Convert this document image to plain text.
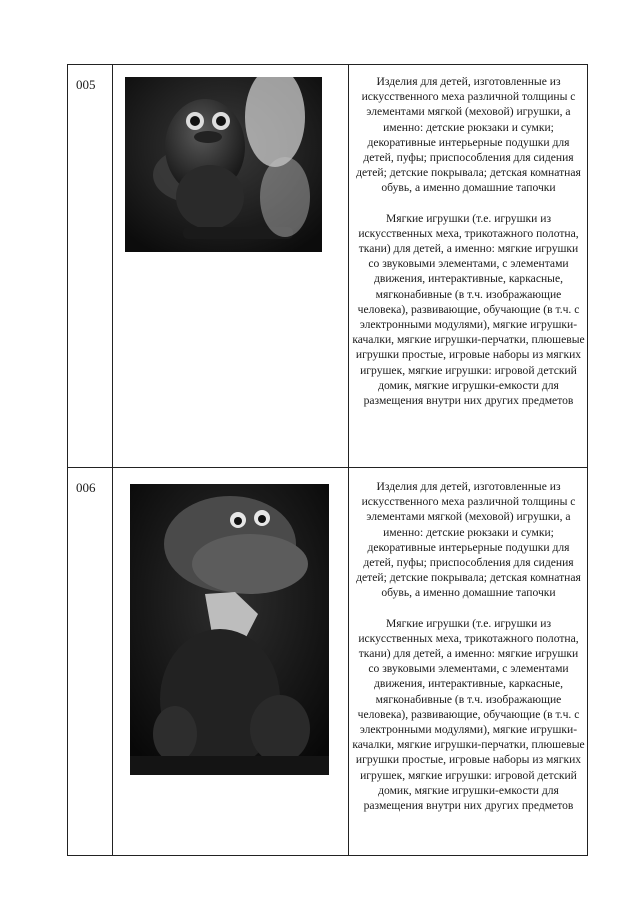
005	Изделия для детей, изготовленные из искусственного меха различной толщины с элементами мягкой (меховой) игрушки, а именно: детские рюкзаки и сумки; декоративные интерьерные подушки для детей, пуфы; приспособления для сидения детей; детские покрывала; детская комнатная обувь, а именно домашние тапочки

Мягкие игрушки (т.е. игрушки из искусственных меха, трикотажного полотна, ткани) для детей, а именно: мягкие игрушки со звуковыми элементами, с элементами движения, интерактивные, каркасные, мягконабивные (в т.ч. изображающие человека), развивающие, обучающие (в т.ч. с электронными модулями), мягкие игрушки-качалки, мягкие игрушки-перчатки, плюшевые игрушки простые, игровые наборы из мягких игрушек, мягкие игрушки: игровой детский домик, мягкие игрушки-емкости для размещения внутри них других предметов

006	Изделия для детей, изготовленные из искусственного меха различной толщины с элементами мягкой (меховой) игрушки, а именно: детские рюкзаки и сумки; декоративные интерьерные подушки для детей, пуфы; приспособления для сидения детей; детские покрывала; детская комнатная обувь, а именно домашние тапочки

Мягкие игрушки (т.е. игрушки из искусственных меха, трикотажного полотна, ткани) для детей, а именно: мягкие игрушки со звуковыми элементами, с элементами движения, интерактивные, каркасные, мягконабивные (в т.ч. изображающие человека), развивающие, обучающие (в т.ч. с электронными модулями), мягкие игрушки-качалки, мягкие игрушки-перчатки, плюшевые игрушки простые, игровые наборы из мягких игрушек, мягкие игрушки: игровой детский домик, мягкие игрушки-емкости для размещения внутри них других предметов
